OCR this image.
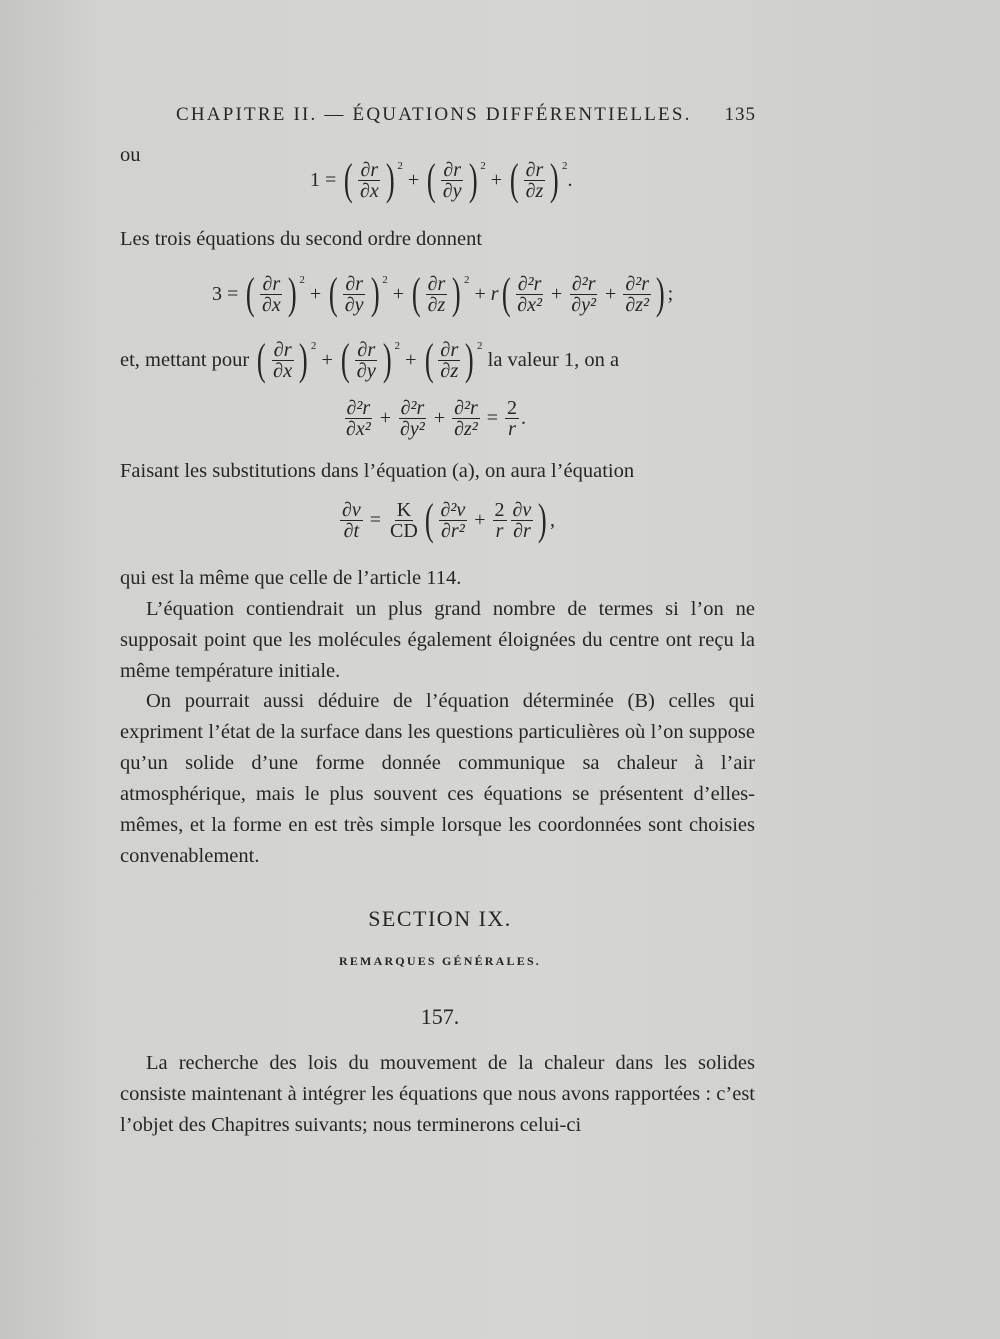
CHAPITRE II. — ÉQUATIONS DIFFÉRENTIELLES. 135
ou
1 = ( $\frac{\partial r}{\partial x}$ ) 2
+ ( $\frac{\partial r}{\partial y}$ ) 2
+ ( $\frac{\partial r}{\partial z}$ ) 2
.
Les trois équations du second ordre donnent
3 = ( $\frac{\partial r}{\partial x}$ ) 2
+ ( $\frac{\partial r}{\partial y}$ ) 2
+ ( $\frac{\partial r}{\partial z}$ ) 2
+ r ( $\frac{\text{∂²r}}{\text{∂x²}} + \frac{\text{∂²r}}{\text{∂y²}} + \frac{\text{∂²r}}{\text{∂z²}}$ ) ;
et, mettant pour
( $\frac{\partial r}{\partial x}$ ) 2
+ ( $\frac{\partial r}{\partial y}$ ) 2
+ ( $\frac{\partial r}{\partial z}$ ) 2

la valeur 1, on a
$\frac{\text{∂²r}}{\text{∂x²}} + \frac{\text{∂²r}}{\text{∂y²}} + \frac{\text{∂²r}}{\text{∂z²}} = \frac{2}{r}$ .
Faisant les substitutions dans l’équation (a), on aura l’équation
$\frac{\partial v}{\partial t} = \frac{K}{CD}$ ( $\frac{\text{∂²v}}{\text{∂r²}} + \frac{2}{r} \frac{\partial v}{\partial r}$ ) ,
qui est la même que celle de l’article 114.

L’équation contiendrait un plus grand nombre de termes si l’on ne supposait point que les molécules également éloignées du centre ont reçu la même température initiale.

On pourrait aussi déduire de l’équation déterminée (B) celles qui expriment l’état de la surface dans les questions particulières où l’on suppose qu’un solide d’une forme donnée communique sa chaleur à l’air atmosphérique, mais le plus souvent ces équations se présentent d’elles-mêmes, et la forme en est très simple lorsque les coordonnées sont choisies convenablement.

SECTION IX.
REMARQUES GÉNÉRALES.
157.

La recherche des lois du mouvement de la chaleur dans les solides consiste maintenant à intégrer les équations que nous avons rapportées : c’est l’objet des Chapitres suivants; nous terminerons celui-ci
